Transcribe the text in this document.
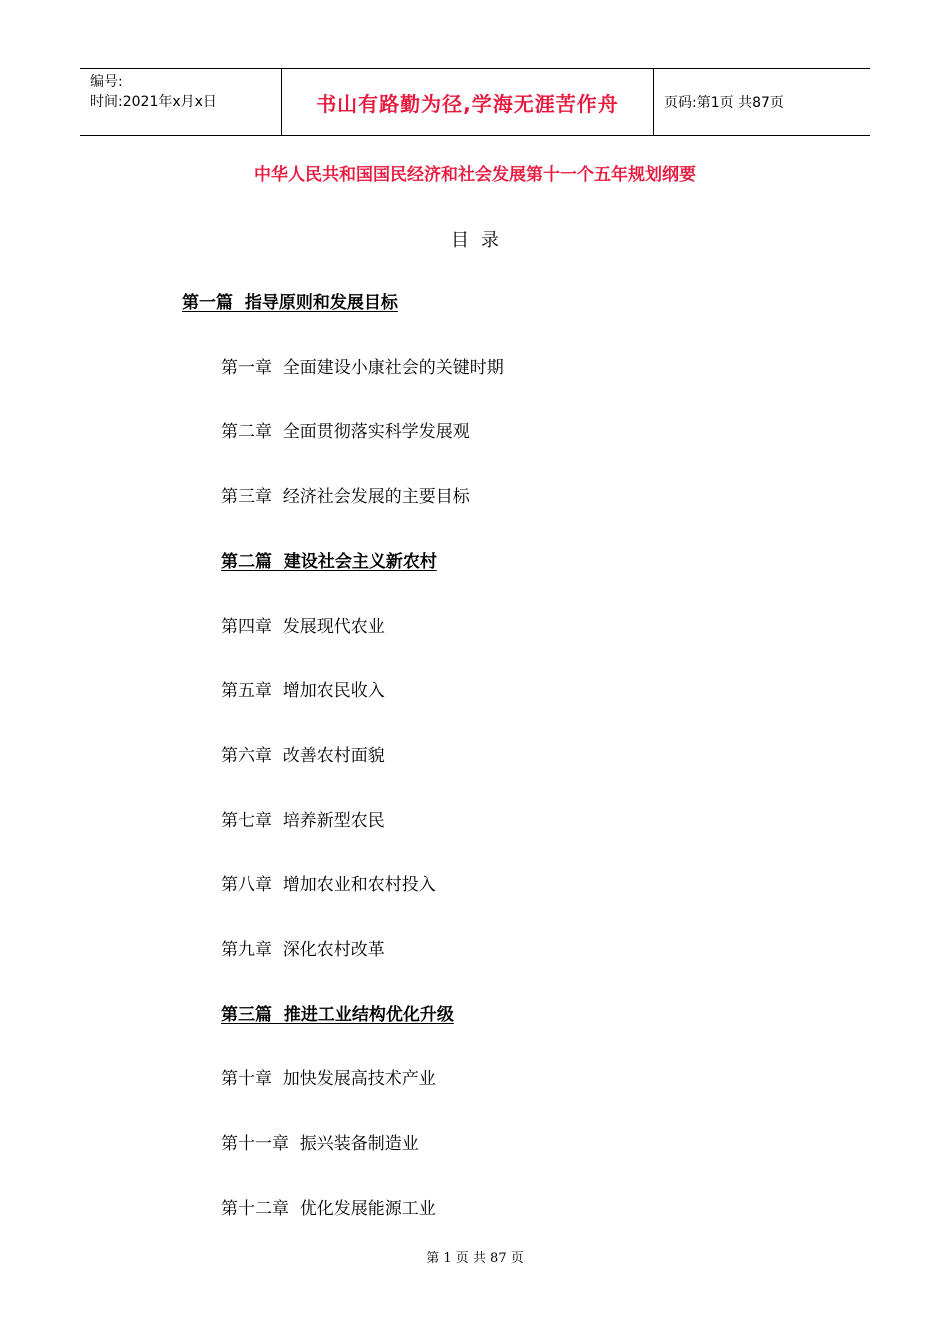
编号:
时间:2021年x月x日	书山有路勤为径,学海无涯苦作舟	页码:第1页 共87页
中华人民共和国国民经济和社会发展第十一个五年规划纲要
目录
第一篇  指导原则和发展目标
第一章  全面建设小康社会的关键时期
第二章  全面贯彻落实科学发展观
第三章  经济社会发展的主要目标
第二篇  建设社会主义新农村
第四章  发展现代农业
第五章  增加农民收入
第六章  改善农村面貌
第七章  培养新型农民
第八章  增加农业和农村投入
第九章  深化农村改革
第三篇  推进工业结构优化升级
第十章  加快发展高技术产业
第十一章  振兴装备制造业
第十二章  优化发展能源工业
第 1 页 共 87 页
